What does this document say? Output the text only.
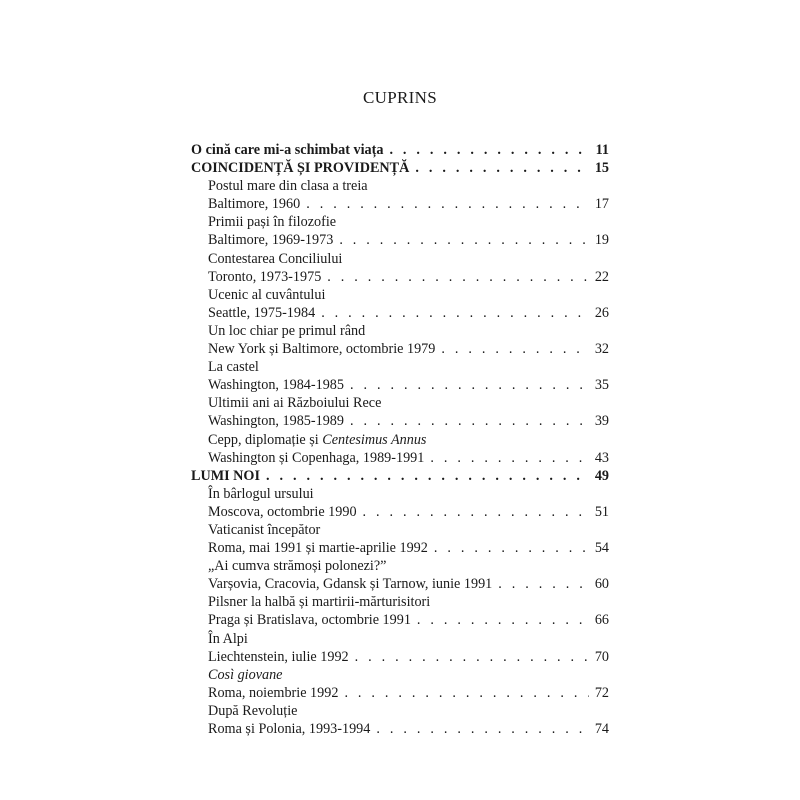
CUPRINS
O cină care mi-a schimbat viața . . .	11
COINCIDENȚĂ ȘI PROVIDENȚĂ . . .	15
Postul mare din clasa a treia
Baltimore, 1960 . . .	17
Primii pași în filozofie
Baltimore, 1969-1973 . . .	19
Contestarea Conciliului
Toronto, 1973-1975 . . .	22
Ucenic al cuvântului
Seattle, 1975-1984 . . .	26
Un loc chiar pe primul rând
New York și Baltimore, octombrie 1979 . . .	32
La castel
Washington, 1984-1985 . . .	35
Ultimii ani ai Războiului Rece
Washington, 1985-1989 . . .	39
Cepp, diplomație și Centesimus Annus
Washington și Copenhaga, 1989-1991 . . .	43
LUMI NOI . . .	49
În bârlogul ursului
Moscova, octombrie 1990 . . .	51
Vaticanist începător
Roma, mai 1991 și martie-aprilie 1992 . . .	54
„Ai cumva strămoși polonezi?”
Varșovia, Cracovia, Gdansk și Tarnow, iunie 1991 . . .	60
Pilsner la halbă și martirii-mărturisitori
Praga și Bratislava, octombrie 1991 . . .	66
În Alpi
Liechtenstein, iulie 1992 . . .	70
Così giovane
Roma, noiembrie 1992 . . .	72
După Revoluție
Roma și Polonia, 1993-1994 . . .	74
